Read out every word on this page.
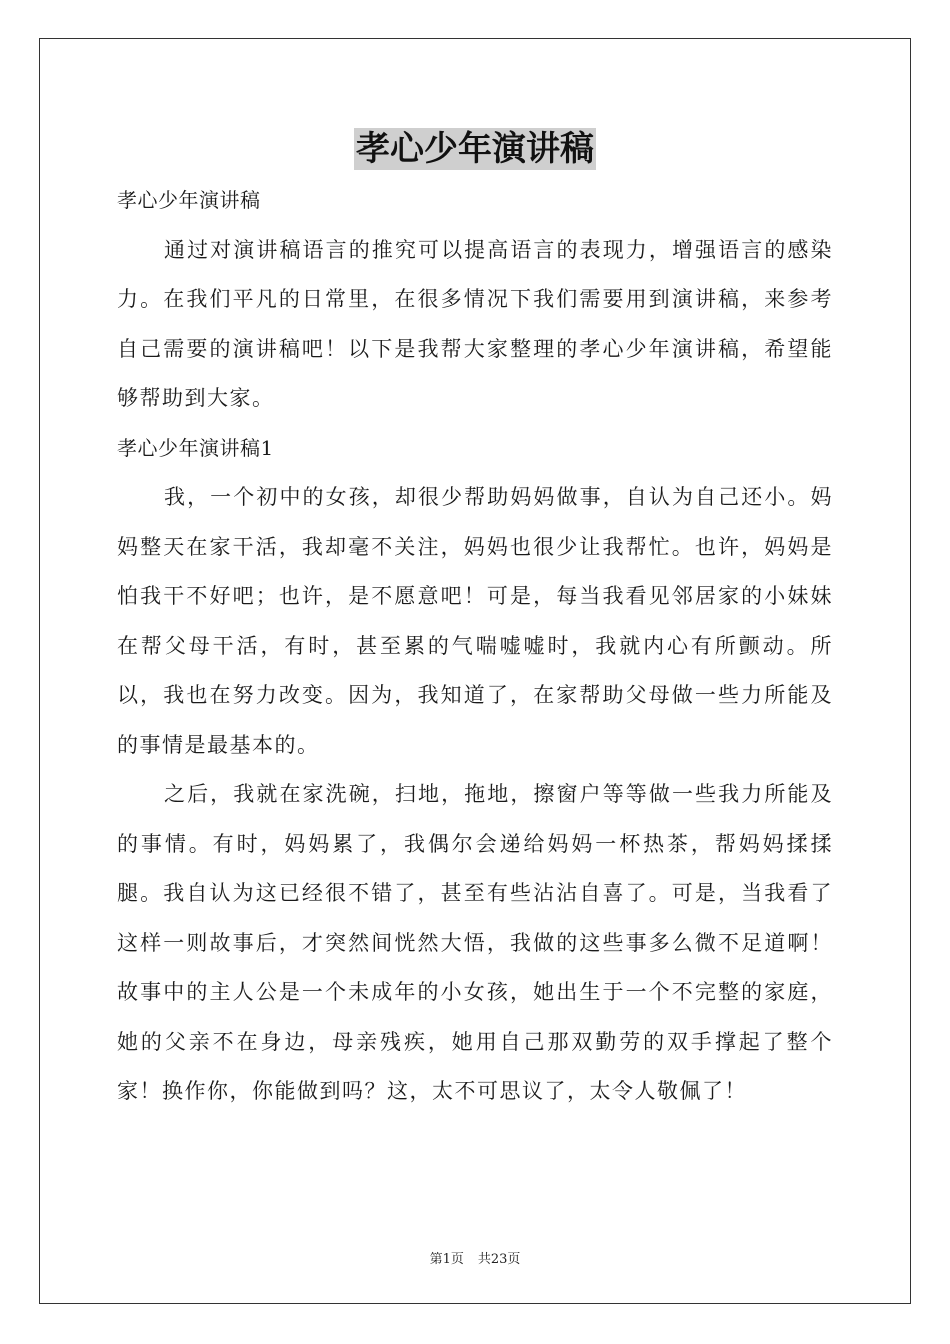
孝心少年演讲稿

孝心少年演讲稿

通过对演讲稿语言的推究可以提高语言的表现力，增强语言的感染力。在我们平凡的日常里，在很多情况下我们需要用到演讲稿，来参考自己需要的演讲稿吧！以下是我帮大家整理的孝心少年演讲稿，希望能够帮助到大家。

孝心少年演讲稿1

我，一个初中的女孩，却很少帮助妈妈做事，自认为自己还小。妈妈整天在家干活，我却毫不关注，妈妈也很少让我帮忙。也许，妈妈是怕我干不好吧；也许，是不愿意吧！可是，每当我看见邻居家的小妹妹在帮父母干活，有时，甚至累的气喘嘘嘘时，我就内心有所颤动。所以，我也在努力改变。因为，我知道了，在家帮助父母做一些力所能及的事情是最基本的。

之后，我就在家洗碗，扫地，拖地，擦窗户等等做一些我力所能及的事情。有时，妈妈累了，我偶尔会递给妈妈一杯热茶，帮妈妈揉揉腿。我自认为这已经很不错了，甚至有些沾沾自喜了。可是，当我看了这样一则故事后，才突然间恍然大悟，我做的这些事多么微不足道啊！故事中的主人公是一个未成年的小女孩，她出生于一个不完整的家庭，她的父亲不在身边，母亲残疾，她用自己那双勤劳的双手撑起了整个家！换作你，你能做到吗？这，太不可思议了，太令人敬佩了！

第1页 共23页
